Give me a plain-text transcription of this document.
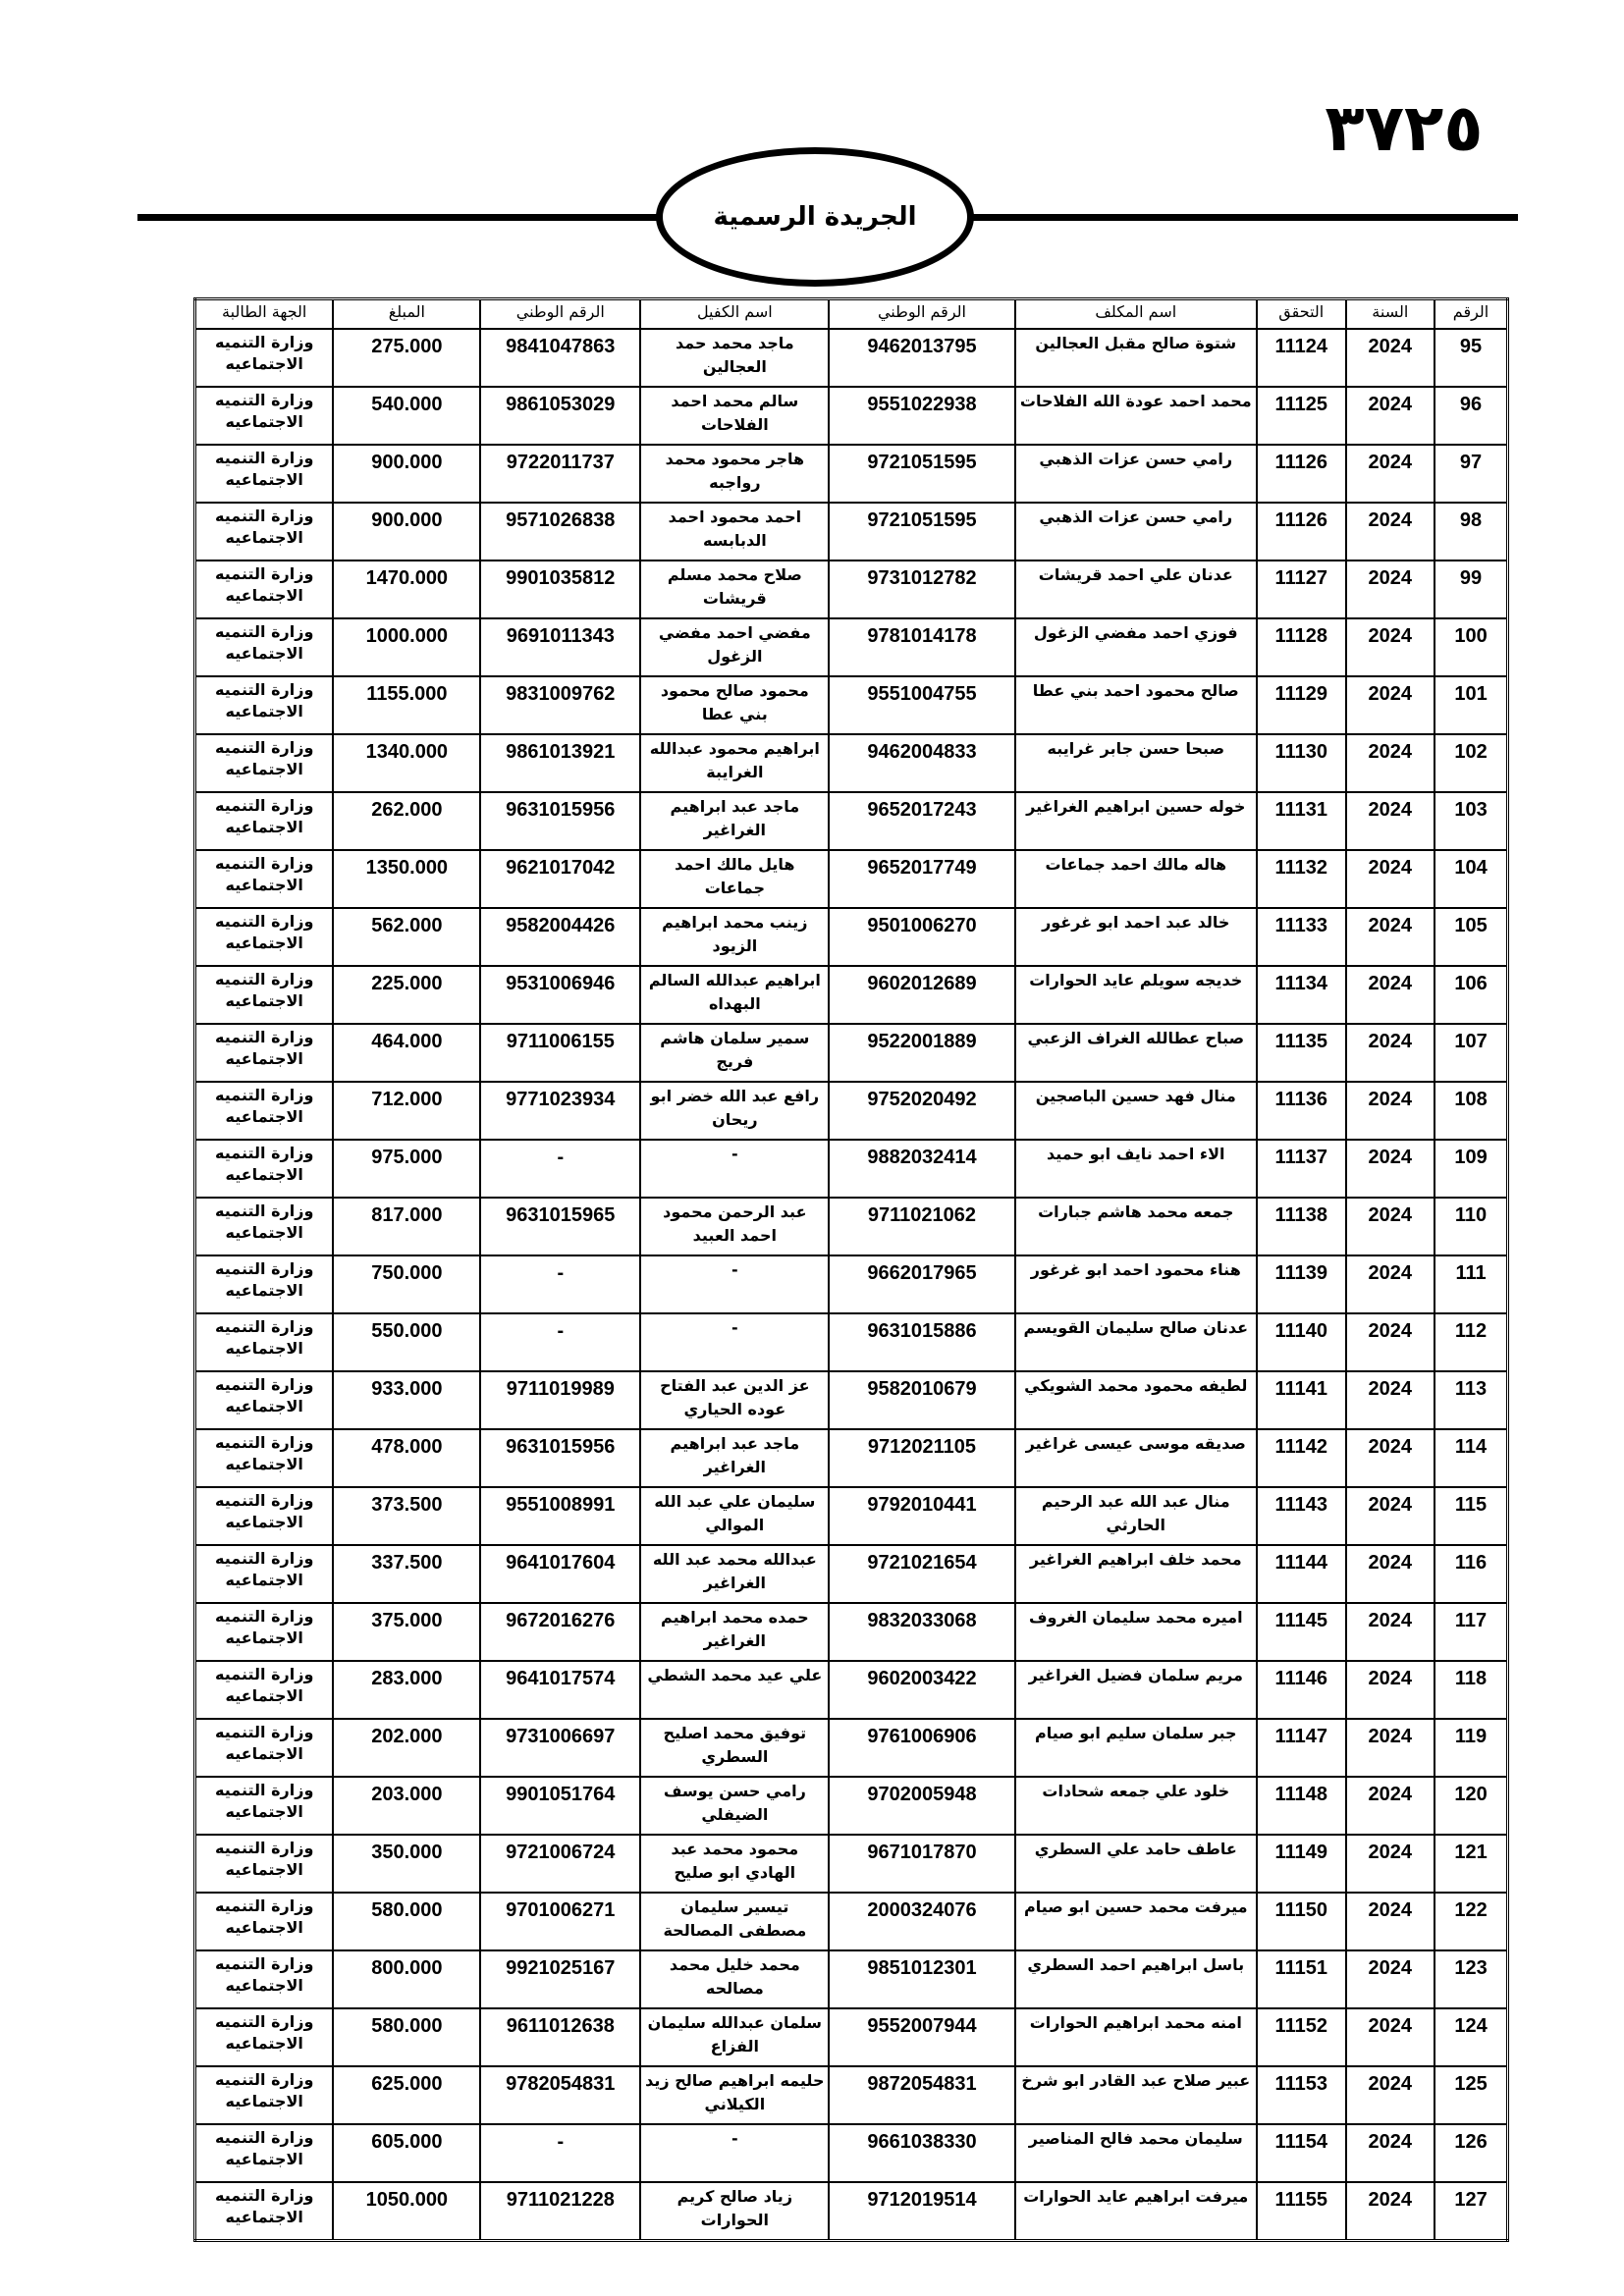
٣٧٢٥
الجريدة الرسمية
الرقم	السنة	التحقق	اسم المكلف	الرقم الوطني	اسم الكفيل	الرقم الوطني	المبلغ	الجهة الطالبة
95	2024	11124	شتوة صالح مقبل العجالين	9462013795	ماجد محمد حمد العجالين	9841047863	275.000	وزارة التنميه الاجتماعيه
96	2024	11125	محمد احمد عودة الله الفلاحات	9551022938	سالم محمد احمد الفلاحات	9861053029	540.000	وزارة التنميه الاجتماعيه
97	2024	11126	رامي حسن عزات الذهبي	9721051595	هاجر محمود محمد رواجبه	9722011737	900.000	وزارة التنميه الاجتماعيه
98	2024	11126	رامي حسن عزات الذهبي	9721051595	احمد محمود احمد الدبابسه	9571026838	900.000	وزارة التنميه الاجتماعيه
99	2024	11127	عدنان علي احمد قريشات	9731012782	صلاح محمد مسلم قريشات	9901035812	1470.000	وزارة التنميه الاجتماعيه
100	2024	11128	فوزي احمد مفضي الزغول	9781014178	مفضي احمد مفضي الزغول	9691011343	1000.000	وزارة التنميه الاجتماعيه
101	2024	11129	صالح محمود احمد بني عطا	9551004755	محمود صالح محمود بني عطا	9831009762	1155.000	وزارة التنميه الاجتماعيه
102	2024	11130	صبحا حسن جابر غرايبه	9462004833	ابراهيم محمود عبدالله الغرايبة	9861013921	1340.000	وزارة التنميه الاجتماعيه
103	2024	11131	خوله حسين ابراهيم الغراغير	9652017243	ماجد عبد ابراهيم الغراغير	9631015956	262.000	وزارة التنميه الاجتماعيه
104	2024	11132	هاله مالك احمد جماعات	9652017749	هايل مالك احمد جماعات	9621017042	1350.000	وزارة التنميه الاجتماعيه
105	2024	11133	خالد عبد احمد ابو غرغور	9501006270	زينب محمد ابراهيم الزيود	9582004426	562.000	وزارة التنميه الاجتماعيه
106	2024	11134	خديجه سويلم عايد الحوارات	9602012689	ابراهيم عبدالله السالم البهداه	9531006946	225.000	وزارة التنميه الاجتماعيه
107	2024	11135	صباح عطالله الغراف الزعبي	9522001889	سمير سلمان هاشم فريج	9711006155	464.000	وزارة التنميه الاجتماعيه
108	2024	11136	منال فهد حسين الباصجين	9752020492	رافع عبد الله خضر ابو ريحان	9771023934	712.000	وزارة التنميه الاجتماعيه
109	2024	11137	الاء احمد نايف ابو حميد	9882032414	-	-	975.000	وزارة التنميه الاجتماعيه
110	2024	11138	جمعه محمد هاشم جبارات	9711021062	عبد الرحمن محمود احمد العبيد	9631015965	817.000	وزارة التنميه الاجتماعيه
111	2024	11139	هناء محمود احمد ابو غرغور	9662017965	-	-	750.000	وزارة التنميه الاجتماعيه
112	2024	11140	عدنان صالح سليمان القويسم	9631015886	-	-	550.000	وزارة التنميه الاجتماعيه
113	2024	11141	لطيفه محمود محمد الشويكي	9582010679	عز الدين عبد الفتاح عوده الحياري	9711019989	933.000	وزارة التنميه الاجتماعيه
114	2024	11142	صديقه موسى عيسى غراغير	9712021105	ماجد عبد ابراهيم الغراغير	9631015956	478.000	وزارة التنميه الاجتماعيه
115	2024	11143	منال عبد الله عبد الرحيم الحارثي	9792010441	سليمان علي عبد الله الموالي	9551008991	373.500	وزارة التنميه الاجتماعيه
116	2024	11144	محمد خلف ابراهيم الغراغير	9721021654	عبدالله محمد عبد الله الغراغير	9641017604	337.500	وزارة التنميه الاجتماعيه
117	2024	11145	اميره محمد سليمان الغروف	9832033068	حمده محمد ابراهيم الغراغير	9672016276	375.000	وزارة التنميه الاجتماعيه
118	2024	11146	مريم سلمان فضيل الغراغير	9602003422	علي عيد محمد الشطي	9641017574	283.000	وزارة التنميه الاجتماعيه
119	2024	11147	جبر سلمان سليم ابو صيام	9761006906	توفيق محمد اصليح السطري	9731006697	202.000	وزارة التنميه الاجتماعيه
120	2024	11148	خلود علي جمعه شحادات	9702005948	رامي حسن يوسف الضيفلي	9901051764	203.000	وزارة التنميه الاجتماعيه
121	2024	11149	عاطف حامد علي السطري	9671017870	محمود محمد عبد الهادي ابو صليح	9721006724	350.000	وزارة التنميه الاجتماعيه
122	2024	11150	ميرفت محمد حسين ابو صيام	2000324076	تيسير سليمان مصطفى المصالحة	9701006271	580.000	وزارة التنميه الاجتماعيه
123	2024	11151	باسل ابراهيم احمد السطري	9851012301	محمد خليل محمد مصالحه	9921025167	800.000	وزارة التنميه الاجتماعيه
124	2024	11152	امنه محمد ابراهيم الحوارات	9552007944	سلمان عبدالله سليمان الفزاع	9611012638	580.000	وزارة التنميه الاجتماعيه
125	2024	11153	عبير صلاح عبد القادر ابو شرخ	9872054831	حليمه ابراهيم صالح زيد الكيلاني	9782054831	625.000	وزارة التنميه الاجتماعيه
126	2024	11154	سليمان محمد فالح المناصير	9661038330	-	-	605.000	وزارة التنميه الاجتماعيه
127	2024	11155	ميرفت ابراهيم عايد الحوارات	9712019514	زياد صالح كريم الحوارات	9711021228	1050.000	وزارة التنميه الاجتماعيه
